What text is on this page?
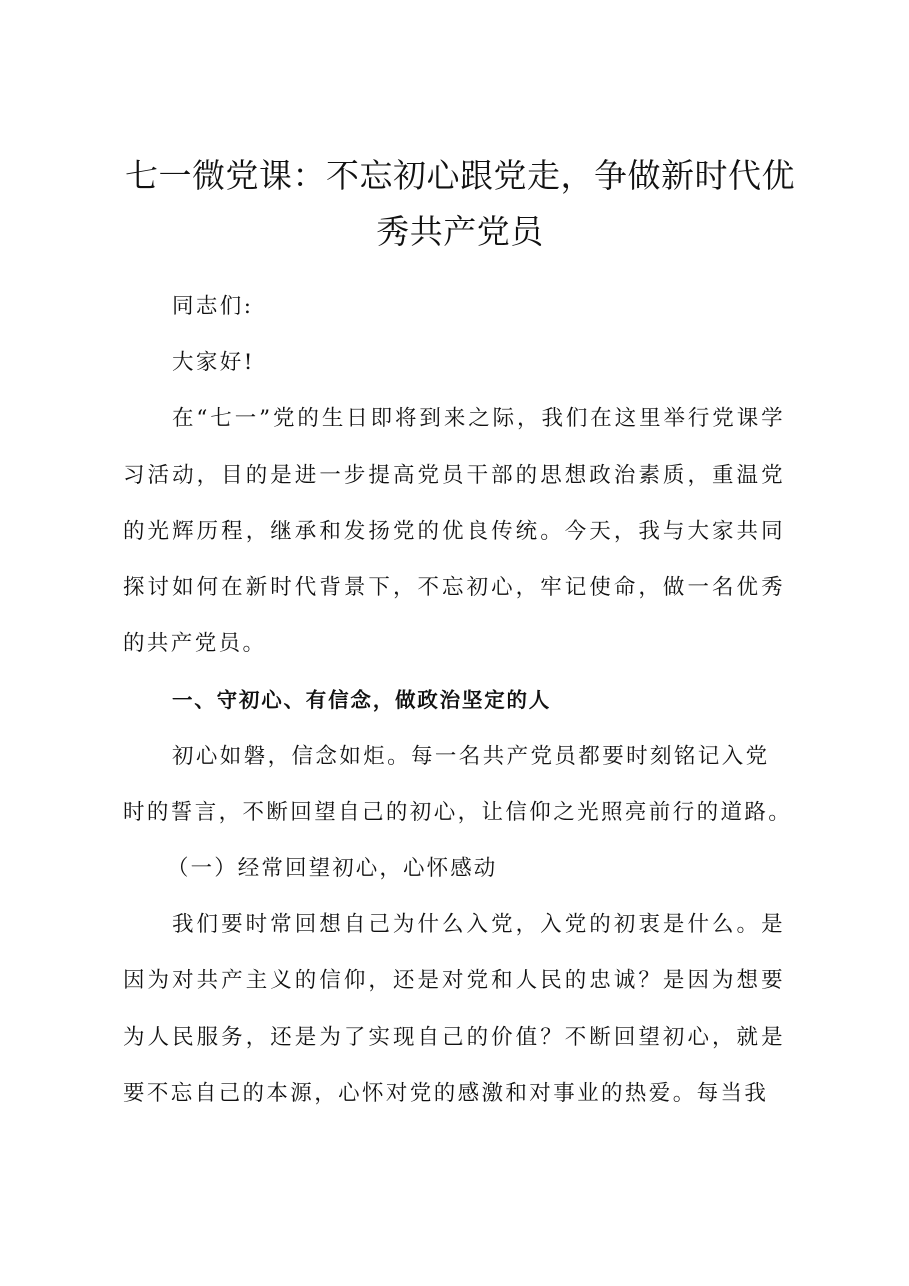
七一微党课：不忘初心跟党走，争做新时代优
秀共产党员

同志们:

大家好!

在“七一”党的生日即将到来之际，我们在这里举行党课学习活动，目的是进一步提高党员干部的思想政治素质，重温党的光辉历程，继承和发扬党的优良传统。今天，我与大家共同探讨如何在新时代背景下，不忘初心，牢记使命，做一名优秀的共产党员。

一、守初心、有信念，做政治坚定的人

初心如磐，信念如炬。每一名共产党员都要时刻铭记入党

时的誓言，不断回望自己的初心，让信仰之光照亮前行的道路。

（一）经常回望初心，心怀感动

我们要时常回想自己为什么入党，入党的初衷是什么。是因为对共产主义的信仰，还是对党和人民的忠诚？是因为想要为人民服务，还是为了实现自己的价值？不断回望初心，就是要不忘自己的本源，心怀对党的感激和对事业的热爱。每当我
